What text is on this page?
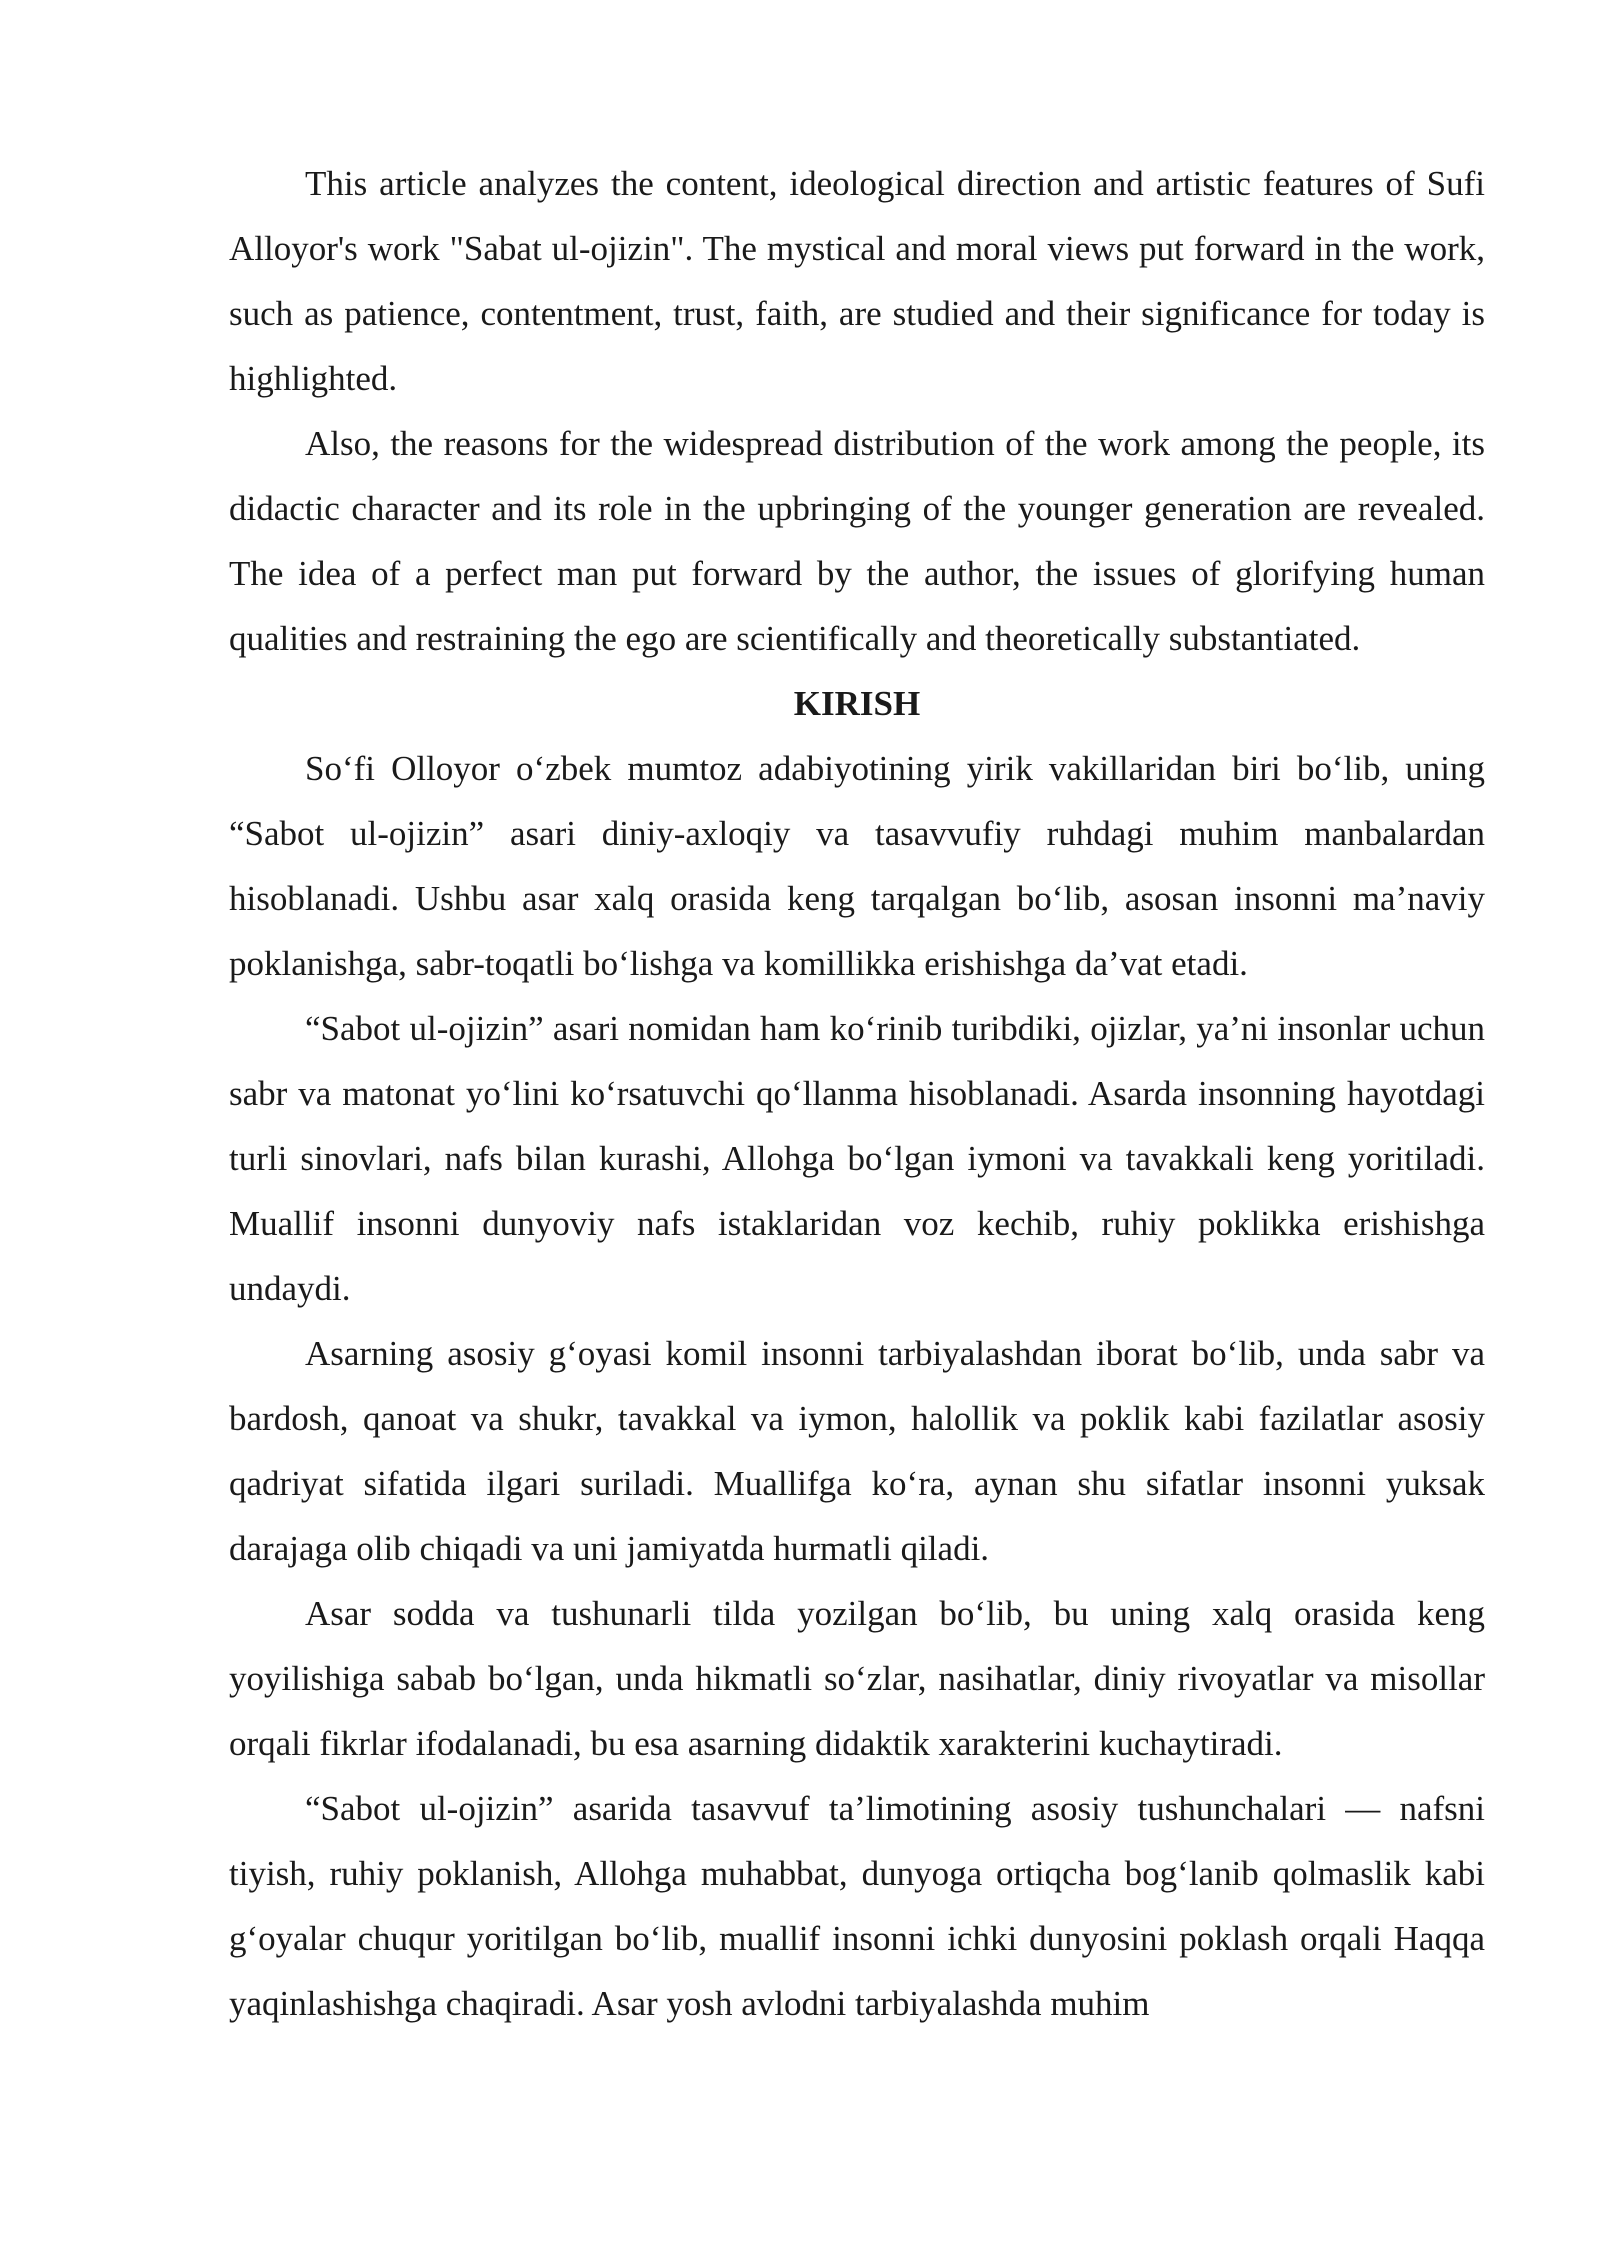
This article analyzes the content, ideological direction and artistic features of Sufi Alloyor's work "Sabat ul-ojizin". The mystical and moral views put forward in the work, such as patience, contentment, trust, faith, are studied and their significance for today is highlighted.

Also, the reasons for the widespread distribution of the work among the people, its didactic character and its role in the upbringing of the younger generation are revealed. The idea of a perfect man put forward by the author, the issues of glorifying human qualities and restraining the ego are scientifically and theoretically substantiated.

KIRISH

So‘fi Olloyor o‘zbek mumtoz adabiyotining yirik vakillaridan biri bo‘lib, uning “Sabot ul-ojizin” asari diniy-axloqiy va tasavvufiy ruhdagi muhim manbalardan hisoblanadi. Ushbu asar xalq orasida keng tarqalgan bo‘lib, asosan insonni ma’naviy poklanishga, sabr-toqatli bo‘lishga va komillikka erishishga da’vat etadi.

“Sabot ul-ojizin” asari nomidan ham ko‘rinib turibdiki, ojizlar, ya’ni insonlar uchun sabr va matonat yo‘lini ko‘rsatuvchi qo‘llanma hisoblanadi. Asarda insonning hayotdagi turli sinovlari, nafs bilan kurashi, Allohga bo‘lgan iymoni va tavakkali keng yoritiladi. Muallif insonni dunyoviy nafs istaklaridan voz kechib, ruhiy poklikka erishishga undaydi.

Asarning asosiy g‘oyasi komil insonni tarbiyalashdan iborat bo‘lib, unda sabr va bardosh, qanoat va shukr, tavakkal va iymon, halollik va poklik kabi fazilatlar asosiy qadriyat sifatida ilgari suriladi. Muallifga ko‘ra, aynan shu sifatlar insonni yuksak darajaga olib chiqadi va uni jamiyatda hurmatli qiladi.

Asar sodda va tushunarli tilda yozilgan bo‘lib, bu uning xalq orasida keng yoyilishiga sabab bo‘lgan, unda hikmatli so‘zlar, nasihatlar, diniy rivoyatlar va misollar orqali fikrlar ifodalanadi, bu esa asarning didaktik xarakterini kuchaytiradi.

“Sabot ul-ojizin” asarida tasavvuf ta’limotining asosiy tushunchalari — nafsni tiyish, ruhiy poklanish, Allohga muhabbat, dunyoga ortiqcha bog‘lanib qolmaslik kabi g‘oyalar chuqur yoritilgan bo‘lib, muallif insonni ichki dunyosini poklash orqali Haqqa yaqinlashishga chaqiradi. Asar yosh avlodni tarbiyalashda muhim
